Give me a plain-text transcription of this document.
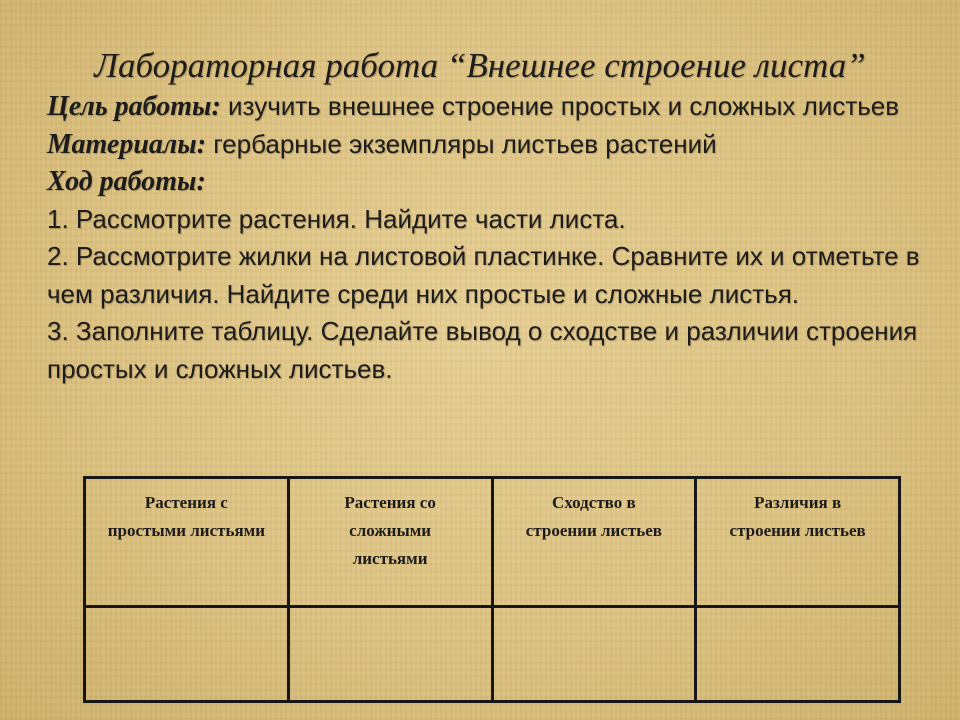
Лабораторная работа “Внешнее строение листа”

Цель работы: изучить внешнее строение простых и сложных листьев

Материалы: гербарные экземпляры листьев растений

Ход работы:

1. Рассмотрите растения. Найдите части листа.

2. Рассмотрите жилки на листовой пластинке. Сравните их и отметьте в чем различия. Найдите среди них простые и сложные листья.

3. Заполните таблицу. Сделайте вывод о сходстве и различии строения простых и сложных листьев.

Растения с
простыми листьями	Растения со
сложными
листьями	Сходство в
строении листьев	Различия в
строении листьев
